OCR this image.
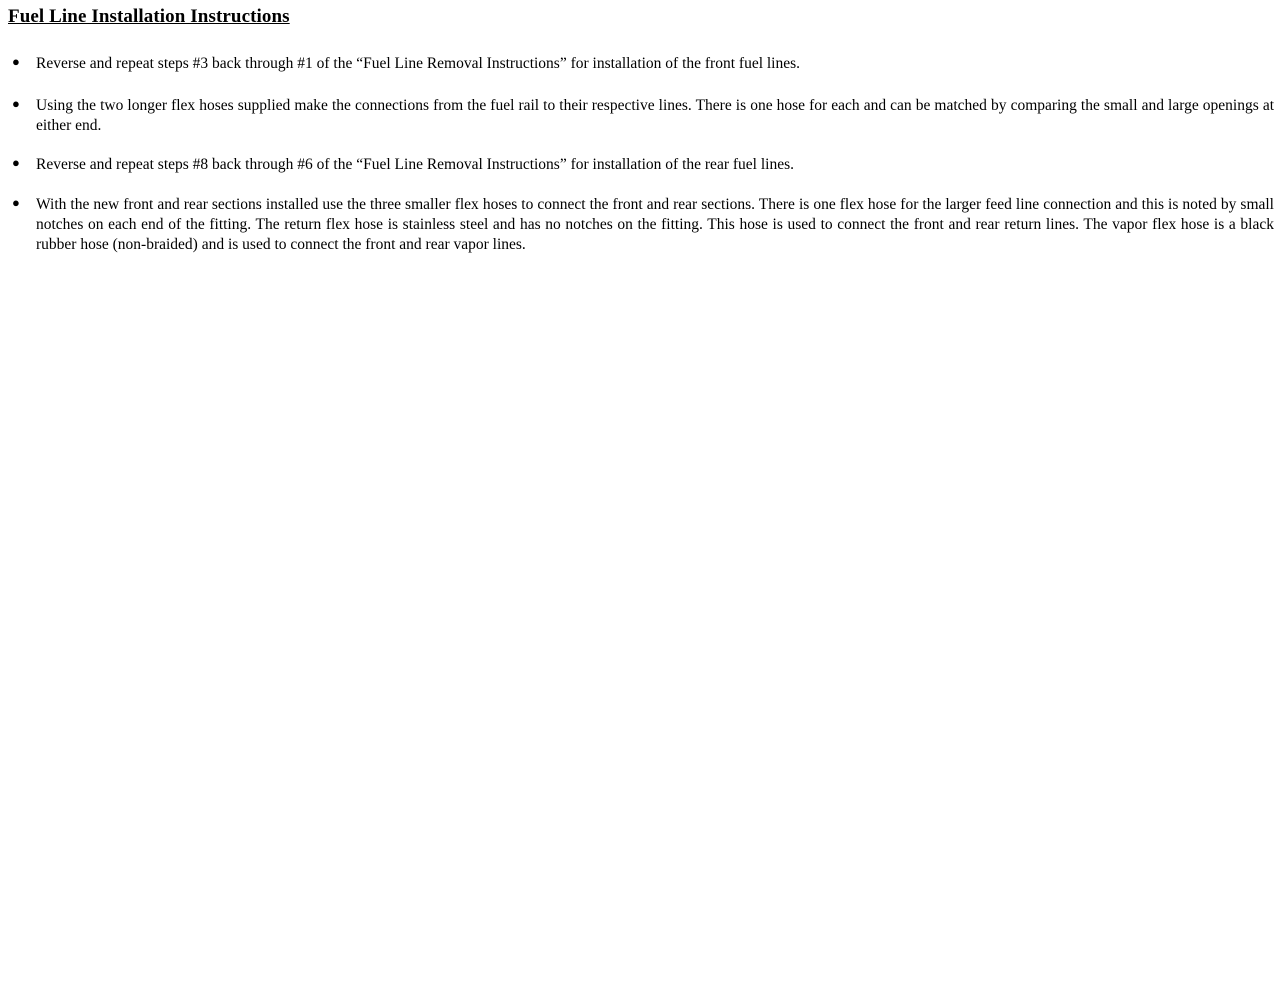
Fuel Line Installation Instructions
● Reverse and repeat steps #3 back through #1 of the “Fuel Line Removal Instructions” for installation of the front fuel lines.
● Using the two longer flex hoses supplied make the connections from the fuel rail to their respective lines. There is one hose for each and can be matched by comparing the small and large openings at either end.
● Reverse and repeat steps #8 back through #6 of the “Fuel Line Removal Instructions” for installation of the rear fuel lines.
● With the new front and rear sections installed use the three smaller flex hoses to connect the front and rear sections. There is one flex hose for the larger feed line connection and this is noted by small notches on each end of the fitting. The return flex hose is stainless steel and has no notches on the fitting. This hose is used to connect the front and rear return lines. The vapor flex hose is a black rubber hose (non-braided) and is used to connect the front and rear vapor lines.
